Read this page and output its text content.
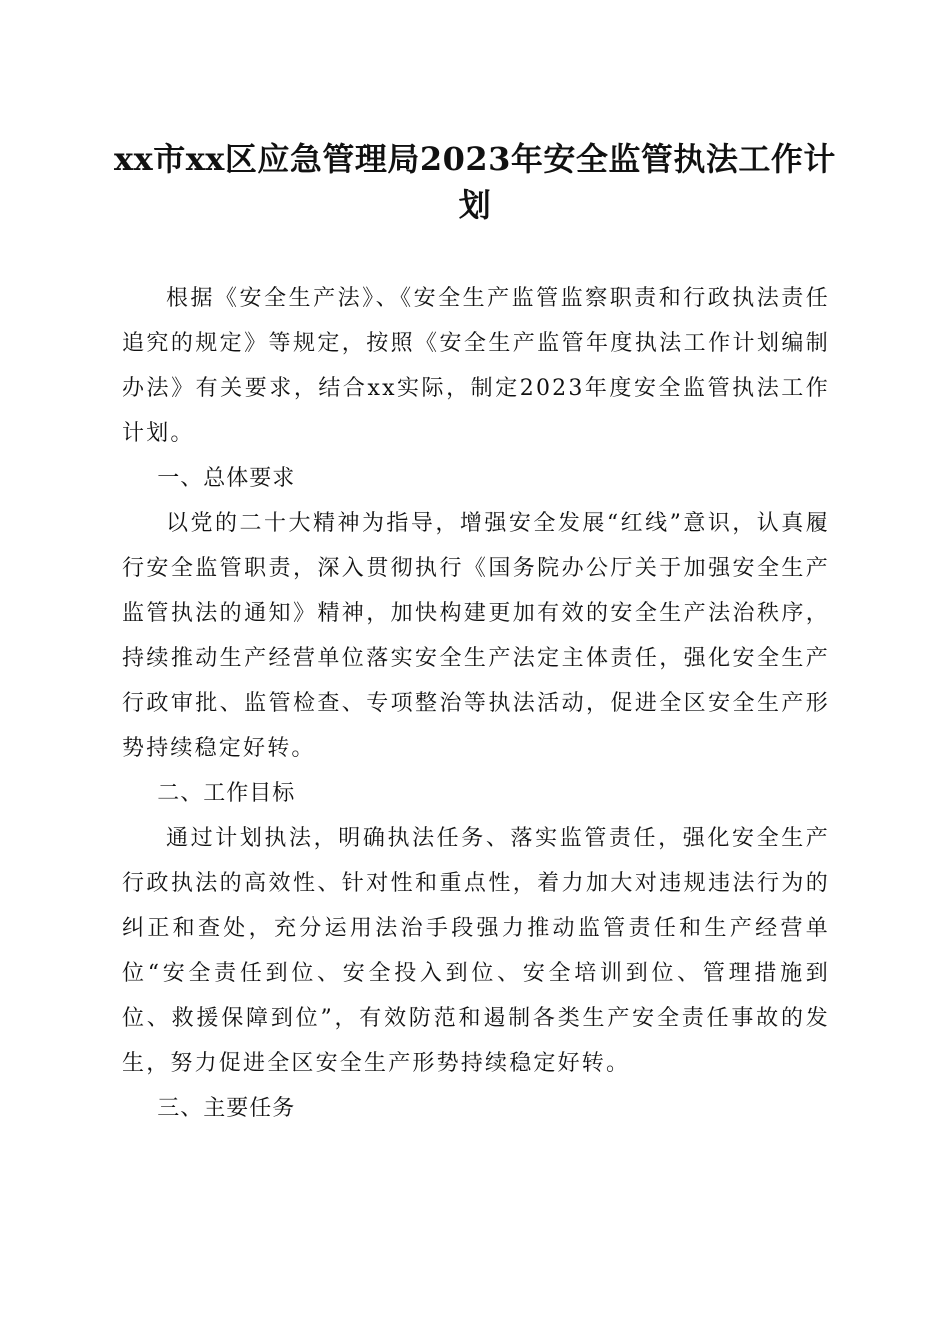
xx市xx区应急管理局2023年安全监管执法工作计划

根据《安全生产法》、《安全生产监管监察职责和行政执法责任追究的规定》等规定，按照《安全生产监管年度执法工作计划编制办法》有关要求，结合xx实际，制定2023年度安全监管执法工作计划。

一、总体要求

以党的二十大精神为指导，增强安全发展“红线”意识，认真履行安全监管职责，深入贯彻执行《国务院办公厅关于加强安全生产监管执法的通知》精神，加快构建更加有效的安全生产法治秩序，持续推动生产经营单位落实安全生产法定主体责任，强化安全生产行政审批、监管检查、专项整治等执法活动，促进全区安全生产形势持续稳定好转。

二、工作目标

通过计划执法，明确执法任务、落实监管责任，强化安全生产行政执法的高效性、针对性和重点性，着力加大对违规违法行为的纠正和查处，充分运用法治手段强力推动监管责任和生产经营单位“安全责任到位、安全投入到位、安全培训到位、管理措施到位、救援保障到位”，有效防范和遏制各类生产安全责任事故的发生，努力促进全区安全生产形势持续稳定好转。

三、主要任务
